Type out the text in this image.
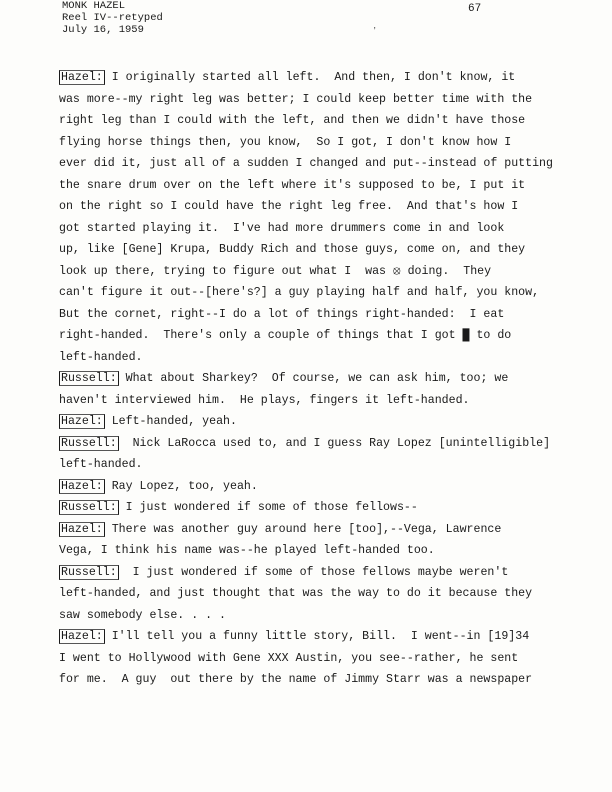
MONK HAZEL
Reel IV--retyped
July 16, 1959
67
ʼ
Hazel: I originally started all left.  And then, I don't know, it
was more--my right leg was better; I could keep better time with the
right leg than I could with the left, and then we didn't have those
flying horse things then, you know,  So I got, I don't know how I
ever did it, just all of a sudden I changed and put--instead of putting
the snare drum over on the left where it's supposed to be, I put it
on the right so I could have the right leg free.  And that's how I
got started playing it.  I've had more drummers come in and look
up, like [Gene] Krupa, Buddy Rich and those guys, come on, and they
look up there, trying to figure out what I  was ⦻ doing.  They
can't figure it out--[here's?] a guy playing half and half, you know,
But the cornet, right--I do a lot of things right-handed:  I eat
right-handed.  There's only a couple of things that I got █ to do
left-handed.
Russell: What about Sharkey?  Of course, we can ask him, too; we
haven't interviewed him.  He plays, fingers it left-handed.
Hazel: Left-handed, yeah.
Russell:  Nick LaRocca used to, and I guess Ray Lopez [unintelligible]
left-handed.
Hazel: Ray Lopez, too, yeah.
Russell: I just wondered if some of those fellows--
Hazel: There was another guy around here [too],--Vega, Lawrence
Vega, I think his name was--he played left-handed too.
Russell:  I just wondered if some of those fellows maybe weren't
left-handed, and just thought that was the way to do it because they
saw somebody else. . . .
Hazel: I'll tell you a funny little story, Bill.  I went--in [19]34
I went to Hollywood with Gene XXX Austin, you see--rather, he sent
for me.  A guy  out there by the name of Jimmy Starr was a newspaper
